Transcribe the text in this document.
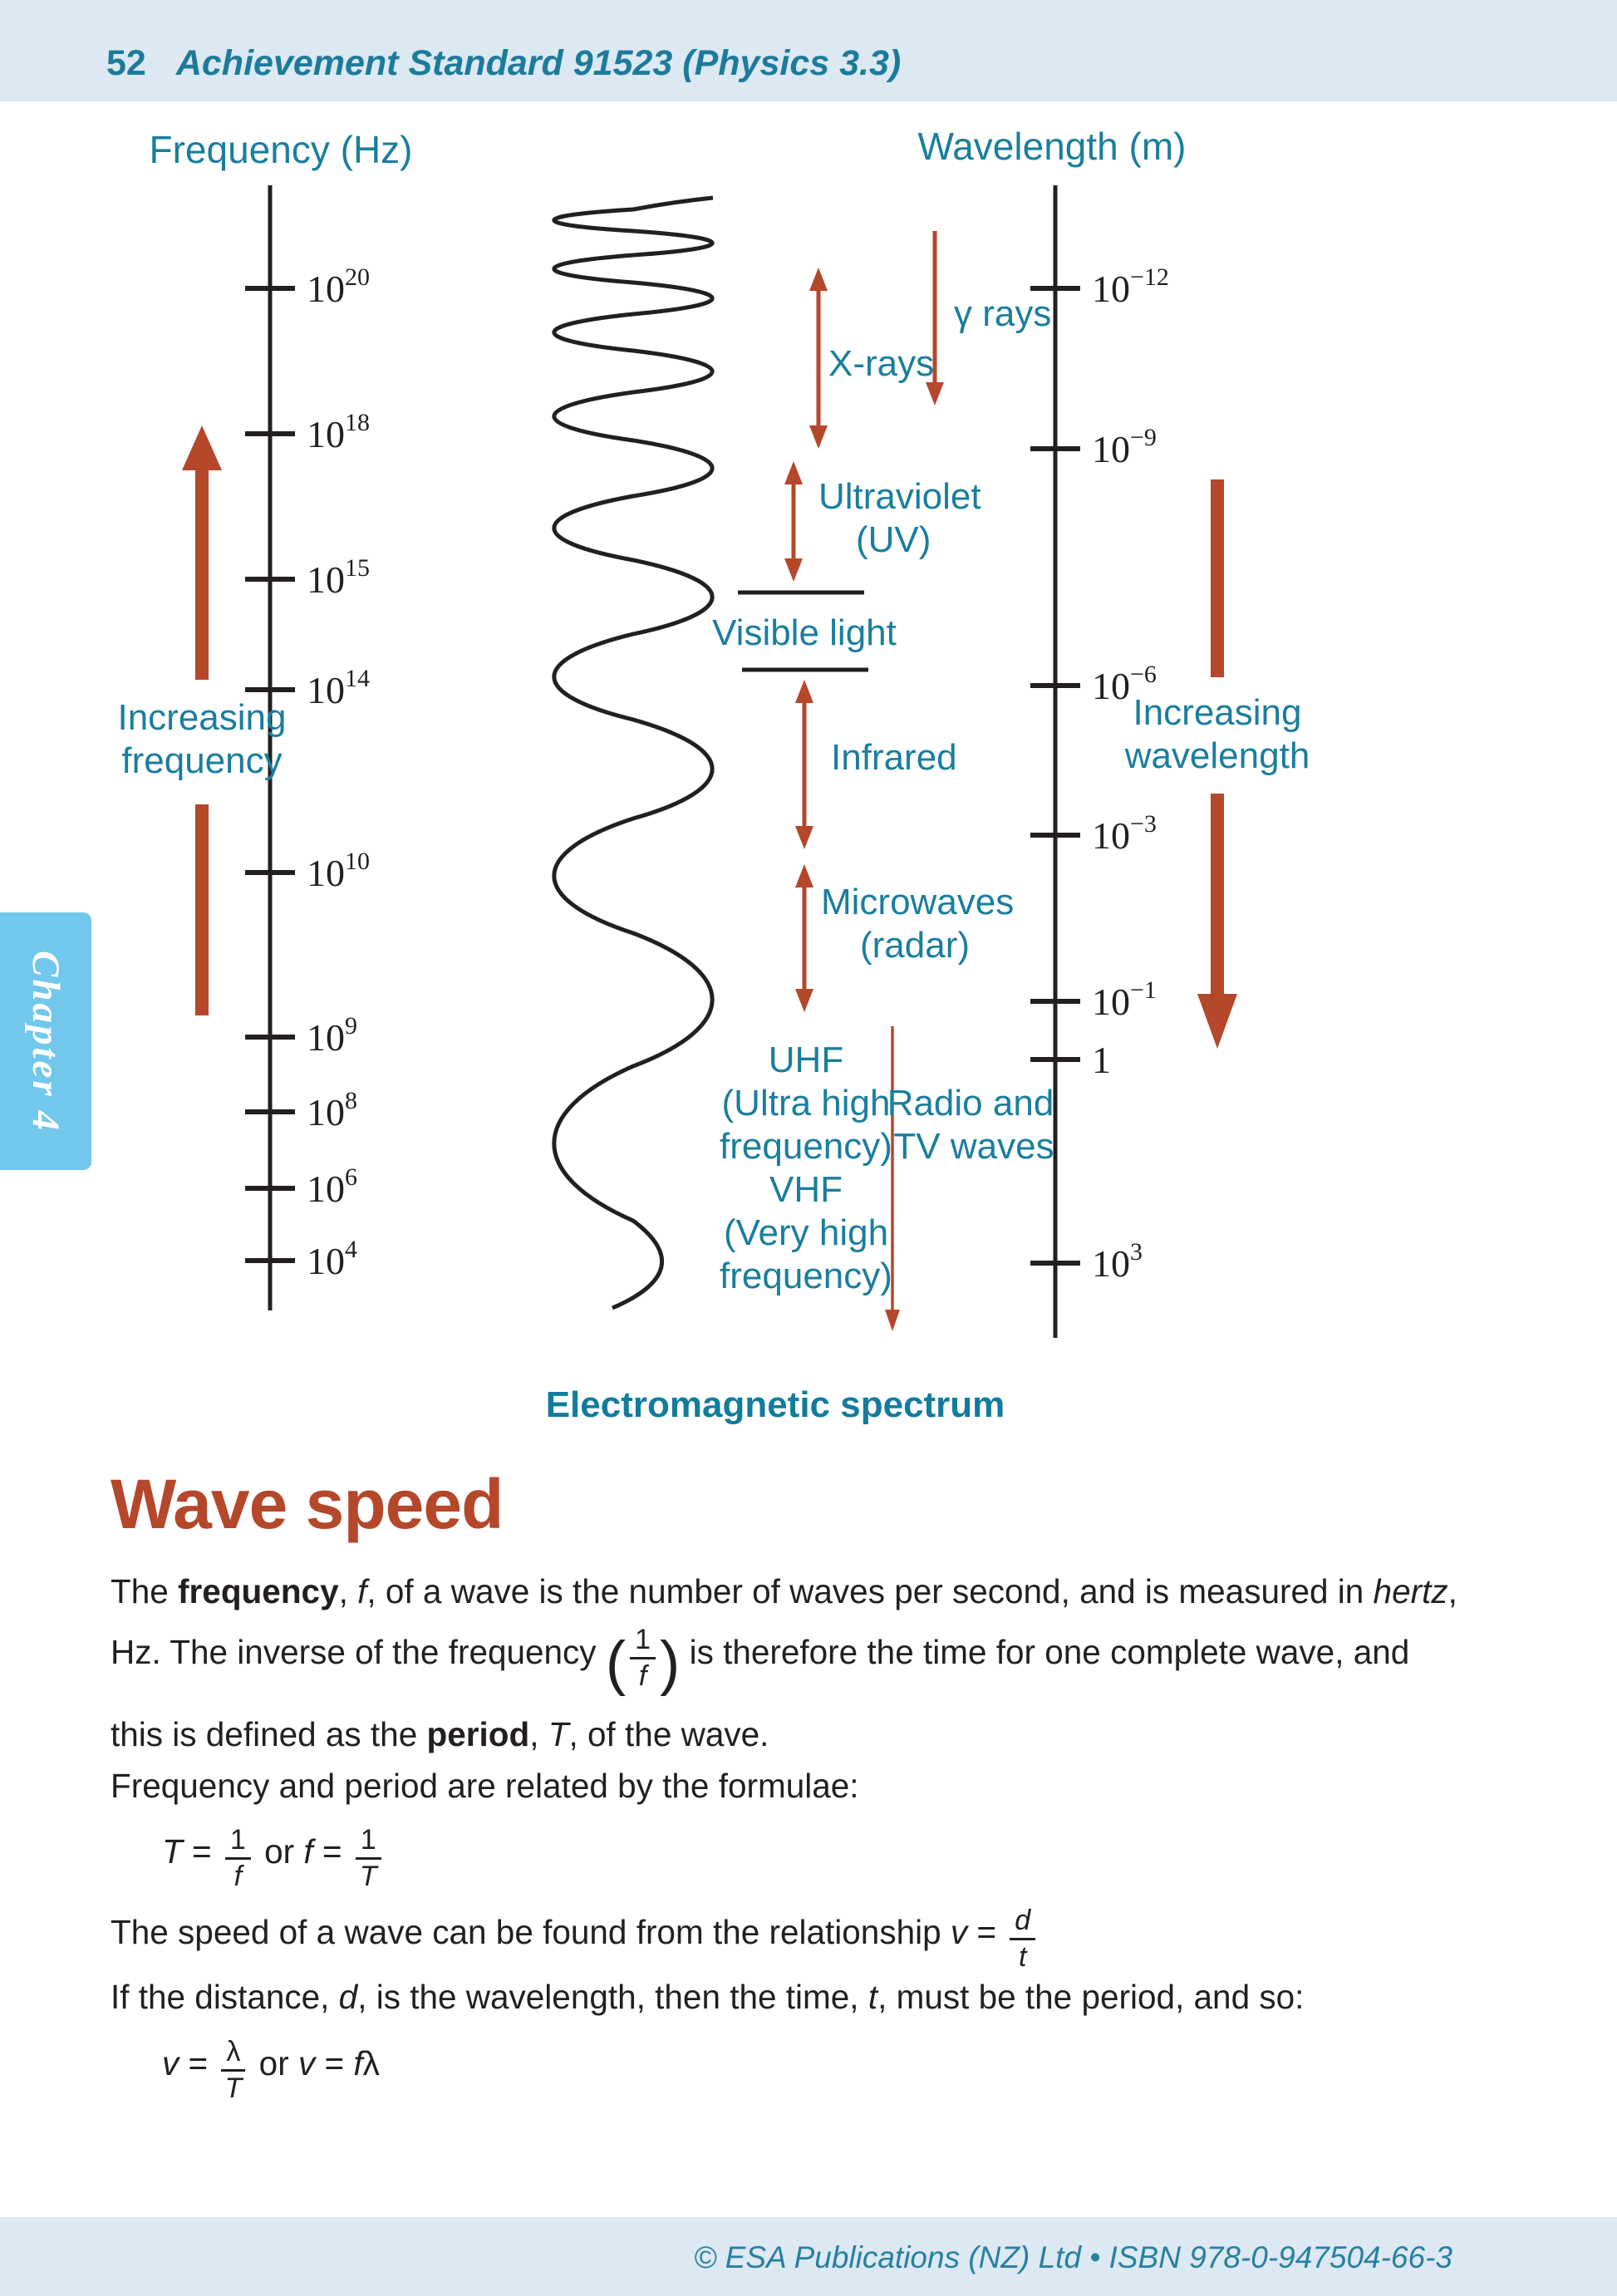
52 Achievement Standard 91523 (Physics 3.3)
Frequency (Hz)
$10^{20}$
$10^{18}$
$10^{15}$
$10^{14}$
$10^{10}$
$10^9$
$10^8$
$10^6$
$10^4$
Wavelength (m)
$10^{-12}$
$10^{-9}$
$10^{-6}$
$10^{-3}$
$10^{-1}$
1
$10^3$
γ rays
X-rays
Ultraviolet
(UV)
Visible light
Infrared
Microwaves
(radar)
UHF
(Ultra high
frequency)
VHF
(Very high
frequency)
Radio and
TV waves
Increasing
frequency
Increasing
wavelength
Electromagnetic spectrum
Chapter 4
Wave speed
The frequency, f, of a wave is the number of waves per second, and is measured in hertz,
Hz. The inverse of the frequency ( $\frac{1}{f}$ ) is therefore the time for one complete wave, and
this is defined as the period, T, of the wave.
Frequency and period are related by the formulae:
$T = \frac{1}{f}$ or $f = \frac{1}{T}$
The speed of a wave can be found from the relationship $v = \frac{d}{t}$
If the distance, d, is the wavelength, then the time, t, must be the period, and so:
$v = \frac{\lambda}{T}$ or v = fλ
© ESA Publications (NZ) Ltd • ISBN 978-0-947504-66-3
